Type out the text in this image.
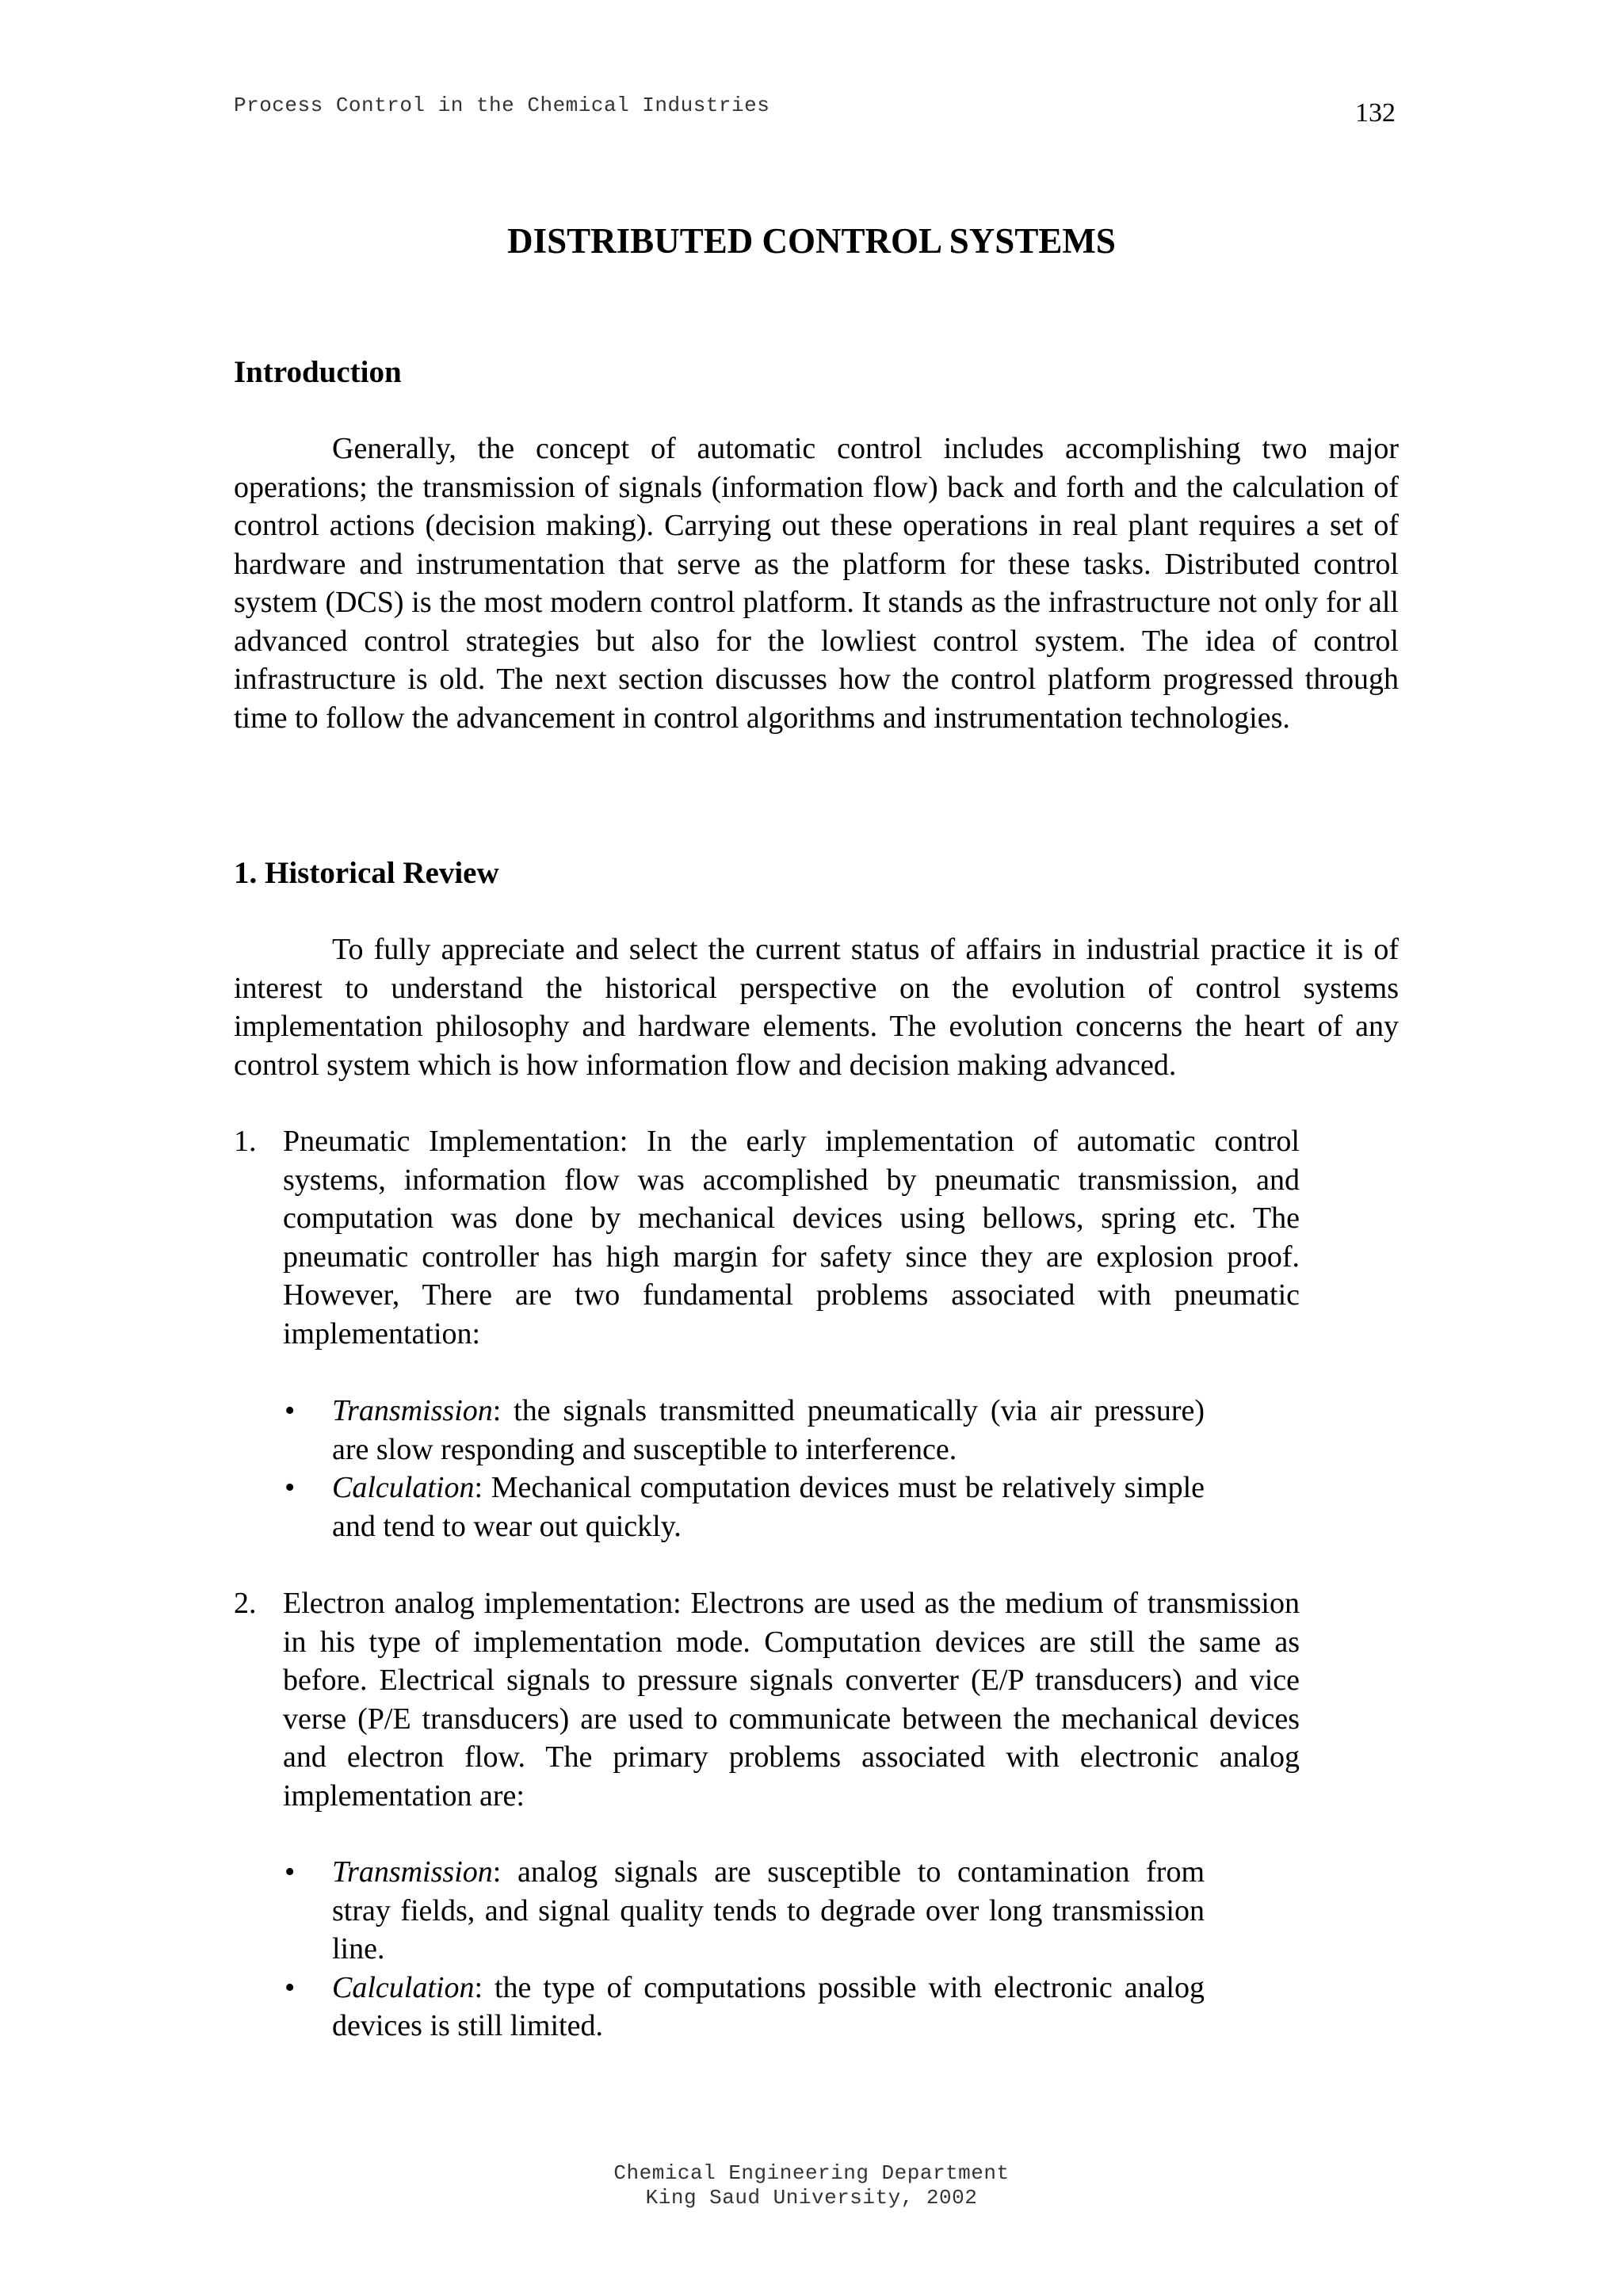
Process Control in the Chemical Industries	132
DISTRIBUTED CONTROL SYSTEMS
Introduction

Generally, the concept of automatic control includes accomplishing two major operations; the transmission of signals (information flow) back and forth and the calculation of control actions (decision making). Carrying out these operations in real plant requires a set of hardware and instrumentation that serve as the platform for these tasks. Distributed control system (DCS) is the most modern control platform. It stands as the infrastructure not only for all advanced control strategies but also for the lowliest control system. The idea of control infrastructure is old. The next section discusses how the control platform progressed through time to follow the advancement in control algorithms and instrumentation technologies.

1. Historical Review

To fully appreciate and select the current status of affairs in industrial practice it is of interest to understand the historical perspective on the evolution of control systems implementation philosophy and hardware elements. The evolution concerns the heart of any control system which is how information flow and decision making advanced.

1. Pneumatic Implementation: In the early implementation of automatic control systems, information flow was accomplished by pneumatic transmission, and computation was done by mechanical devices using bellows, spring etc. The pneumatic controller has high margin for safety since they are explosion proof. However, There are two fundamental problems associated with pneumatic implementation:
• Transmission: the signals transmitted pneumatically (via air pressure) are slow responding and susceptible to interference.
• Calculation: Mechanical computation devices must be relatively simple and tend to wear out quickly.
2. Electron analog implementation: Electrons are used as the medium of transmission in his type of implementation mode. Computation devices are still the same as before. Electrical signals to pressure signals converter (E/P transducers) and vice verse (P/E transducers) are used to communicate between the mechanical devices and electron flow. The primary problems associated with electronic analog implementation are:
• Transmission: analog signals are susceptible to contamination from stray fields, and signal quality tends to degrade over long transmission line.
• Calculation: the type of computations possible with electronic analog devices is still limited.
Chemical Engineering Department
King Saud University, 2002
